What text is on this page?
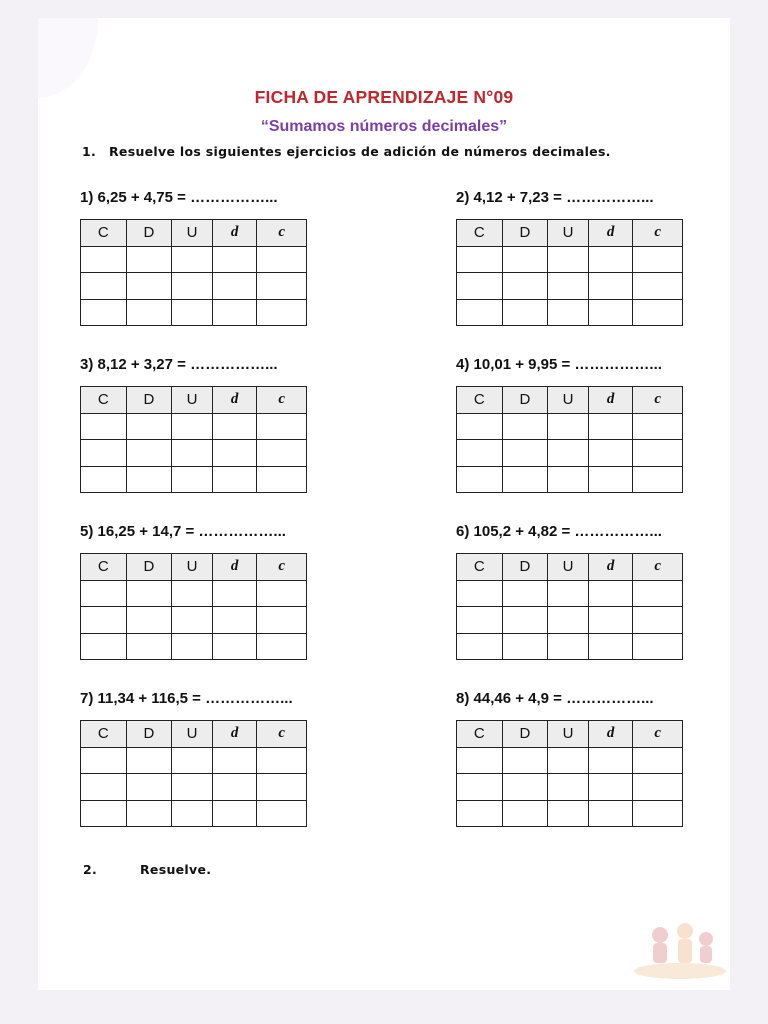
FICHA DE APRENDIZAJE N°09
“Sumamos números decimales”
1. Resuelve los siguientes ejercicios de adición de números decimales.
1) 6,25 + 4,75 = ……………...
C	D	U	d	c

2) 4,12 + 7,23 = ……………...
C	D	U	d	c

3) 8,12 + 3,27 = ……………...
C	D	U	d	c

4) 10,01 + 9,95 = ……………...
C	D	U	d	c

5) 16,25 + 14,7 = ……………...
C	D	U	d	c

6) 105,2 + 4,82 = ……………...
C	D	U	d	c

7) 11,34 + 116,5 = ……………...
C	D	U	d	c

8) 44,46 + 4,9 = ……………...
C	D	U	d	c

2.	Resuelve.
